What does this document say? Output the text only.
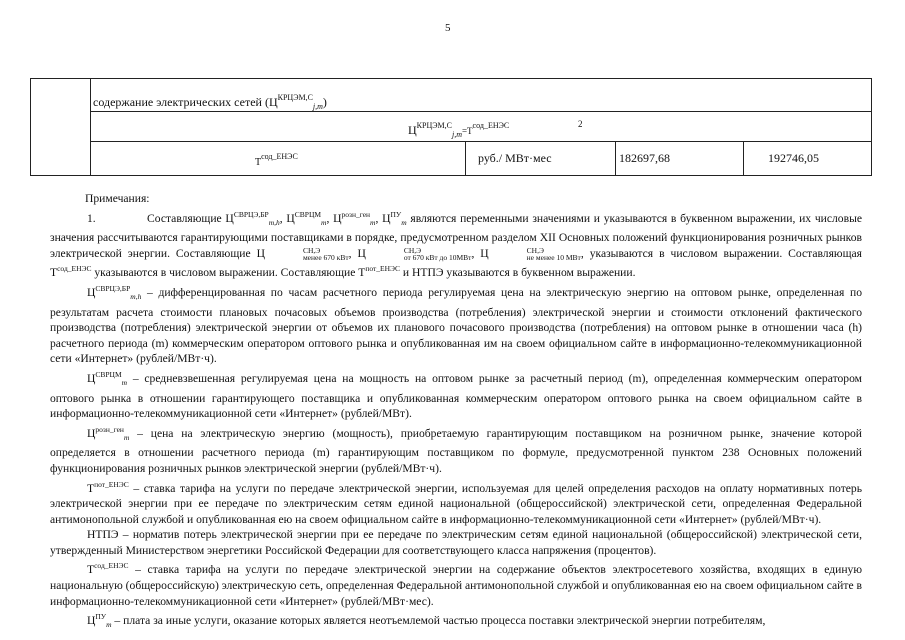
5
содержание электрических сетей $(Ц^{КРЦЭМ,С}_{j,m})$
$Ц^{КРЦЭМ,С}_{j,m}=Т^{сод\_ЕНЭС}$	2
$Т^{сод\_ЕНЭС}$	руб./ МВт·мес	182697,68	192746,05

Примечания:

1.	Составляющие $Ц^{СВРЦЭ,БР}_{m,h}$, $Ц^{СВРЦМ}_m$, $Ц^{розн\_ген}_m$, $Ц^{ПУ}_m$ являются переменными значениями и указываются в буквенном выражении, их числовые значения рассчитываются гарантирующими поставщиками в порядке, предусмотренном разделом XII Основных положений функционирования розничных рынков электрической энергии. Составляющие Ц	СН,Э
менее 670 кВт , Ц	СН,Э
от 670 кВт до 10МВт , Ц	СН,Э
не менее 10 МВт , указываются в числовом выражении. Составляющая $Т^{сод\_ЕНЭС}$ указываются в числовом выражении. Составляющие $Т^{пот\_ЕНЭС}$ и НТПЭ указываются в буквенном выражении.

$Ц^{СВРЦЭ,БР}_{m,h}$ – дифференцированная по часам расчетного периода регулируемая цена на электрическую энергию на оптовом рынке, определенная по результатам расчета стоимости плановых почасовых объемов производства (потребления) электрической энергии и стоимости отклонений фактического производства (потребления) электрической энергии от объемов их планового почасового производства (потребления) на оптовом рынке в отношении часа (h) расчетного периода (m) коммерческим оператором оптового рынка и опубликованная им на своем официальном сайте в информационно-телекоммуникационной сети «Интернет» (рублей/МВт·ч).

$Ц^{СВРЦМ}_m$ – средневзвешенная регулируемая цена на мощность на оптовом рынке за расчетный период (m), определенная коммерческим оператором оптового рынка в отношении гарантирующего поставщика и опубликованная коммерческим оператором оптового рынка на своем официальном сайте в информационно-телекоммуникационной сети «Интернет» (рублей/МВт).

$Ц^{розн\_ген}_m$ – цена на электрическую энергию (мощность), приобретаемую гарантирующим поставщиком на розничном рынке, значение которой определяется в отношении расчетного периода (m) гарантирующим поставщиком по формуле, предусмотренной пунктом 238 Основных положений функционирования розничных рынков электрической энергии (рублей/МВт·ч).

$Т^{пот\_ЕНЭС}$ – ставка тарифа на услуги по передаче электрической энергии, используемая для целей определения расходов на оплату нормативных потерь электрической энергии при ее передаче по электрическим сетям единой национальной (общероссийской) электрической сети, определенная Федеральной антимонопольной службой и опубликованная ею на своем официальном сайте в информационно-телекоммуникационной сети «Интернет» (рублей/МВт·ч).

НТПЭ – норматив потерь электрической энергии при ее передаче по электрическим сетям единой национальной (общероссийской) электрической сети, утвержденный Министерством энергетики Российской Федерации для соответствующего класса напряжения (процентов).

$Т^{сод\_ЕНЭС}$ – ставка тарифа на услуги по передаче электрической энергии на содержание объектов электросетевого хозяйства, входящих в единую национальную (общероссийскую) электрическую сеть, определенная Федеральной антимонопольной службой и опубликованная ею на своем официальном сайте в информационно-телекоммуникационной сети «Интернет» (рублей/МВт·мес).

$Ц^{ПУ}_m$ – плата за иные услуги, оказание которых является неотъемлемой частью процесса поставки электрической энергии потребителям,
